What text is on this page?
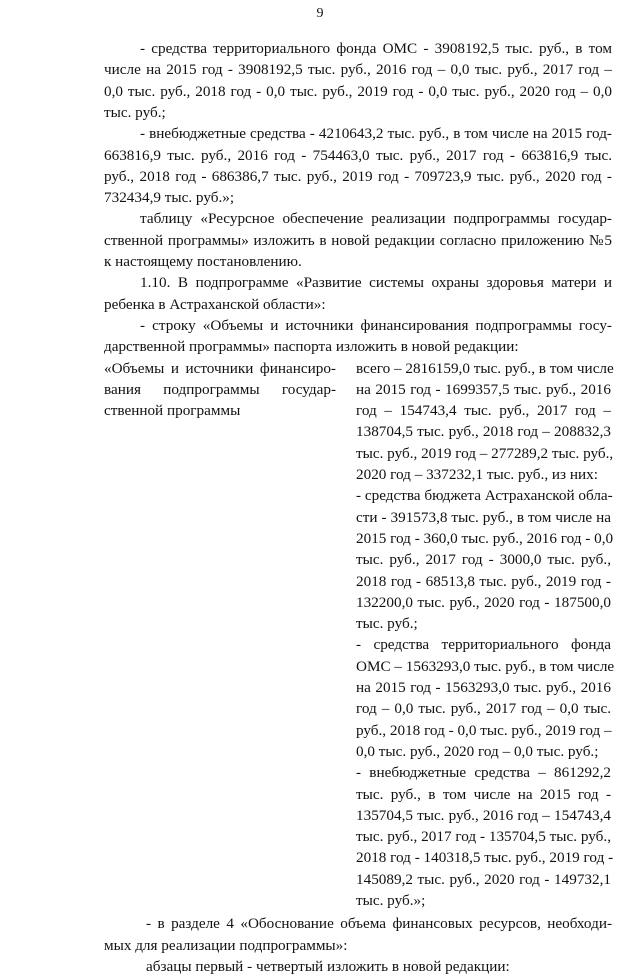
9
- средства территориального фонда ОМС - 3908192,5 тыс. руб., в том
числе на 2015 год - 3908192,5 тыс. руб., 2016 год – 0,0 тыс. руб., 2017 год –
0,0 тыс. руб., 2018 год - 0,0 тыс. руб., 2019 год - 0,0 тыс. руб., 2020 год – 0,0
тыс. руб.;
- внебюджетные средства - 4210643,2 тыс. руб., в том числе на 2015 год-
663816,9 тыс. руб., 2016 год - 754463,0 тыс. руб., 2017 год - 663816,9 тыс.
руб., 2018 год - 686386,7 тыс. руб., 2019 год - 709723,9 тыс. руб., 2020 год -
732434,9 тыс. руб.»;
таблицу «Ресурсное обеспечение реализации подпрограммы государ-
ственной программы» изложить в новой редакции согласно приложению №5
к настоящему постановлению.
1.10. В подпрограмме «Развитие системы охраны здоровья матери и
ребенка в Астраханской области»:
- строку «Объемы и источники финансирования подпрограммы госу-
дарственной программы» паспорта изложить в новой редакции:
«Объемы и источники финансиро-
вания подпрограммы государ-
ственной программы
всего – 2816159,0 тыс. руб., в том числе
на 2015 год - 1699357,5 тыс. руб., 2016
год – 154743,4 тыс. руб., 2017 год –
138704,5 тыс. руб., 2018 год – 208832,3
тыс. руб., 2019 год – 277289,2 тыс. руб.,
2020 год – 337232,1 тыс. руб., из них:
- средства бюджета Астраханской обла-
сти - 391573,8 тыс. руб., в том числе на
2015 год - 360,0 тыс. руб., 2016 год - 0,0
тыс. руб., 2017 год - 3000,0 тыс. руб.,
2018 год - 68513,8 тыс. руб., 2019 год -
132200,0 тыс. руб., 2020 год - 187500,0
тыс. руб.;
- средства территориального фонда
ОМС – 1563293,0 тыс. руб., в том числе
на 2015 год - 1563293,0 тыс. руб., 2016
год – 0,0 тыс. руб., 2017 год – 0,0 тыс.
руб., 2018 год - 0,0 тыс. руб., 2019 год –
0,0 тыс. руб., 2020 год – 0,0 тыс. руб.;
- внебюджетные средства – 861292,2
тыс. руб., в том числе на 2015 год -
135704,5 тыс. руб., 2016 год – 154743,4
тыс. руб., 2017 год - 135704,5 тыс. руб.,
2018 год - 140318,5 тыс. руб., 2019 год -
145089,2 тыс. руб., 2020 год - 149732,1
тыс. руб.»;
- в разделе 4 «Обоснование объема финансовых ресурсов, необходи-
мых для реализации подпрограммы»:
абзацы первый - четвертый изложить в новой редакции:
